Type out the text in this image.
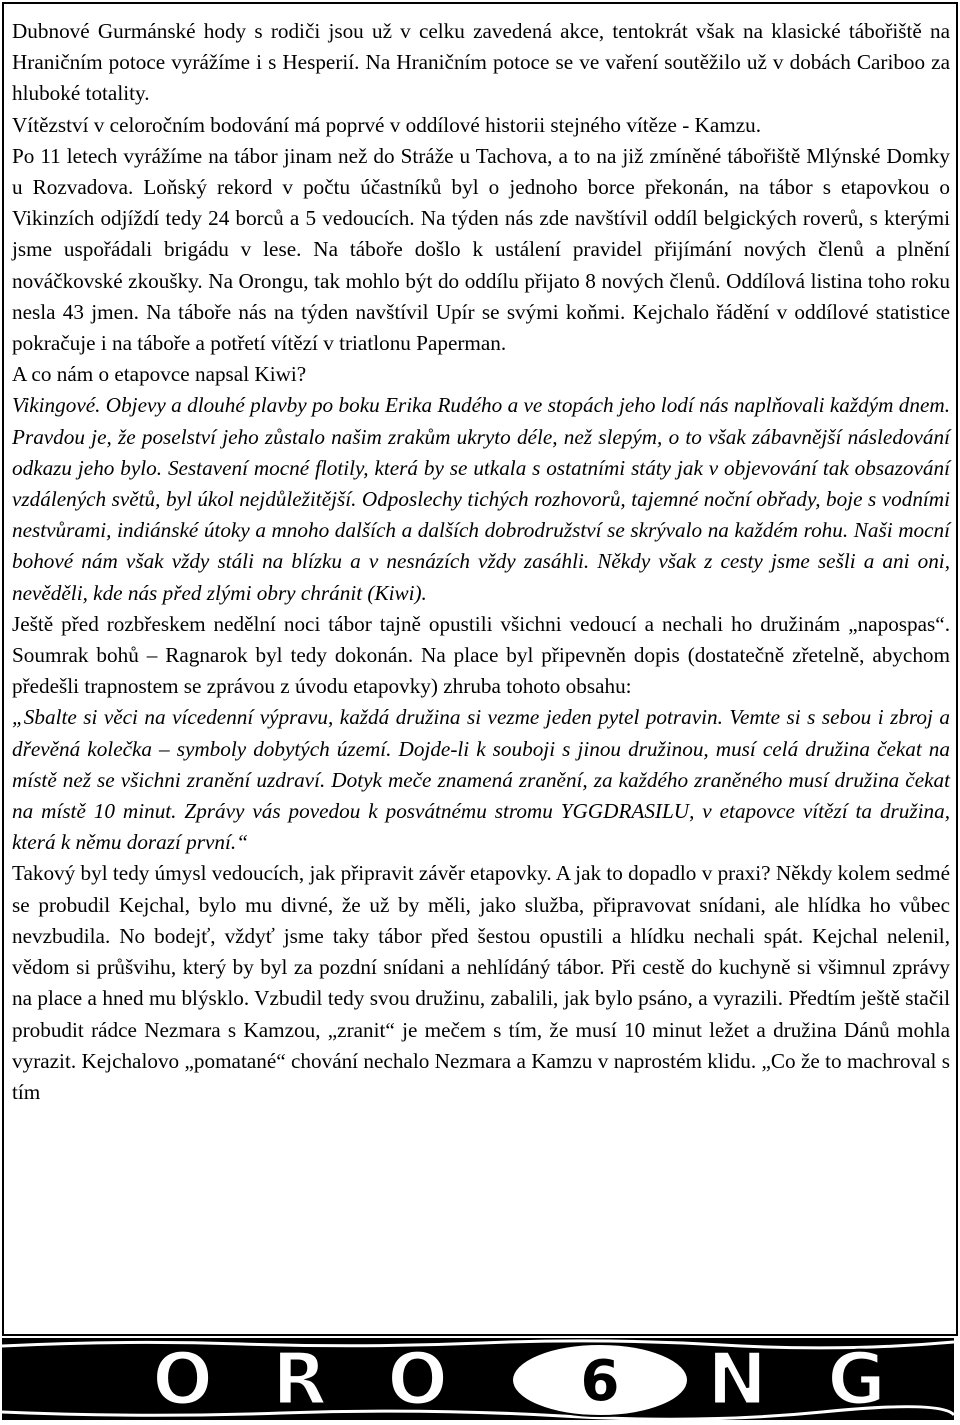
Dubnové Gurmánské hody s rodiči jsou už v celku zavedená akce, tentokrát však na klasické tábořiště na Hraničním potoce vyrážíme i s Hesperií. Na Hraničním potoce se ve vaření soutěžilo už v dobách Cariboo za hluboké totality.

Vítězství v celoročním bodování má poprvé v oddílové historii stejného vítěze - Kamzu.

Po 11 letech vyrážíme na tábor jinam než do Stráže u Tachova, a to na již zmíněné tábořiště Mlýnské Domky u Rozvadova. Loňský rekord v počtu účastníků byl o jednoho borce překonán, na tábor s etapovkou o Vikinzích odjíždí tedy 24 borců a 5 vedoucích. Na týden nás zde navštívil oddíl belgických roverů, s kterými jsme uspořádali brigádu v lese. Na táboře došlo k ustálení pravidel přijímání nových členů a plnění nováčkovské zkoušky. Na Orongu, tak mohlo být do oddílu přijato 8 nových členů. Oddílová listina toho roku nesla 43 jmen. Na táboře nás na týden navštívil Upír se svými koňmi. Kejchalo řádění v oddílové statistice pokračuje i na táboře a potřetí vítězí v triatlonu Paperman.

A co nám o etapovce napsal Kiwi?

Vikingové. Objevy a dlouhé plavby po boku Erika Rudého a ve stopách jeho lodí nás naplňovali každým dnem. Pravdou je, že poselství jeho zůstalo našim zrakům ukryto déle, než slepým, o to však zábavnější následování odkazu jeho bylo. Sestavení mocné flotily, která by se utkala s ostatními státy jak v objevování tak obsazování vzdálených světů, byl úkol nejdůležitější. Odposlechy tichých rozhovorů, tajemné noční obřady, boje s vodními nestvůrami, indiánské útoky a mnoho dalších a dalších dobrodružství se skrývalo na každém rohu. Naši mocní bohové nám však vždy stáli na blízku a v nesnázích vždy zasáhli. Někdy však z cesty jsme sešli a ani oni, nevěděli, kde nás před zlými obry chránit (Kiwi).

Ještě před rozbřeskem nedělní noci tábor tajně opustili všichni vedoucí a nechali ho družinám „napospas“. Soumrak bohů – Ragnarok byl tedy dokonán. Na place byl připevněn dopis (dostatečně zřetelně, abychom předešli trapnostem se zprávou z úvodu etapovky) zhruba tohoto obsahu:

„Sbalte si věci na vícedenní výpravu, každá družina si vezme jeden pytel potravin. Vemte si s sebou i zbroj a dřevěná kolečka – symboly dobytých území. Dojde-li k souboji s jinou družinou, musí celá družina čekat na místě než se všichni zranění uzdraví. Dotyk meče znamená zranění, za každého zraněného musí družina čekat na místě 10 minut. Zprávy vás povedou k posvátnému stromu YGGDRASILU, v etapovce vítězí ta družina, která k němu dorazí první.“

Takový byl tedy úmysl vedoucích, jak připravit závěr etapovky. A jak to dopadlo v praxi? Někdy kolem sedmé se probudil Kejchal, bylo mu divné, že už by měli, jako služba, připravovat snídani, ale hlídka ho vůbec nevzbudila. No bodejť, vždyť jsme taky tábor před šestou opustili a hlídku nechali spát. Kejchal nelenil, vědom si průšvihu, který by byl za pozdní snídani a nehlídáný tábor. Při cestě do kuchyně si všimnul zprávy na place a hned mu blýsklo. Vzbudil tedy svou družinu, zabalili, jak bylo psáno, a vyrazili. Předtím ještě stačil probudit rádce Nezmara s Kamzou, „zranit“ je mečem s tím, že musí 10 minut ležet a družina Dánů mohla vyrazit. Kejchalovo „pomatané“ chování nechalo Nezmara a Kamzu v naprostém klidu. „Co že to machroval s tím

O R O	N G
6
